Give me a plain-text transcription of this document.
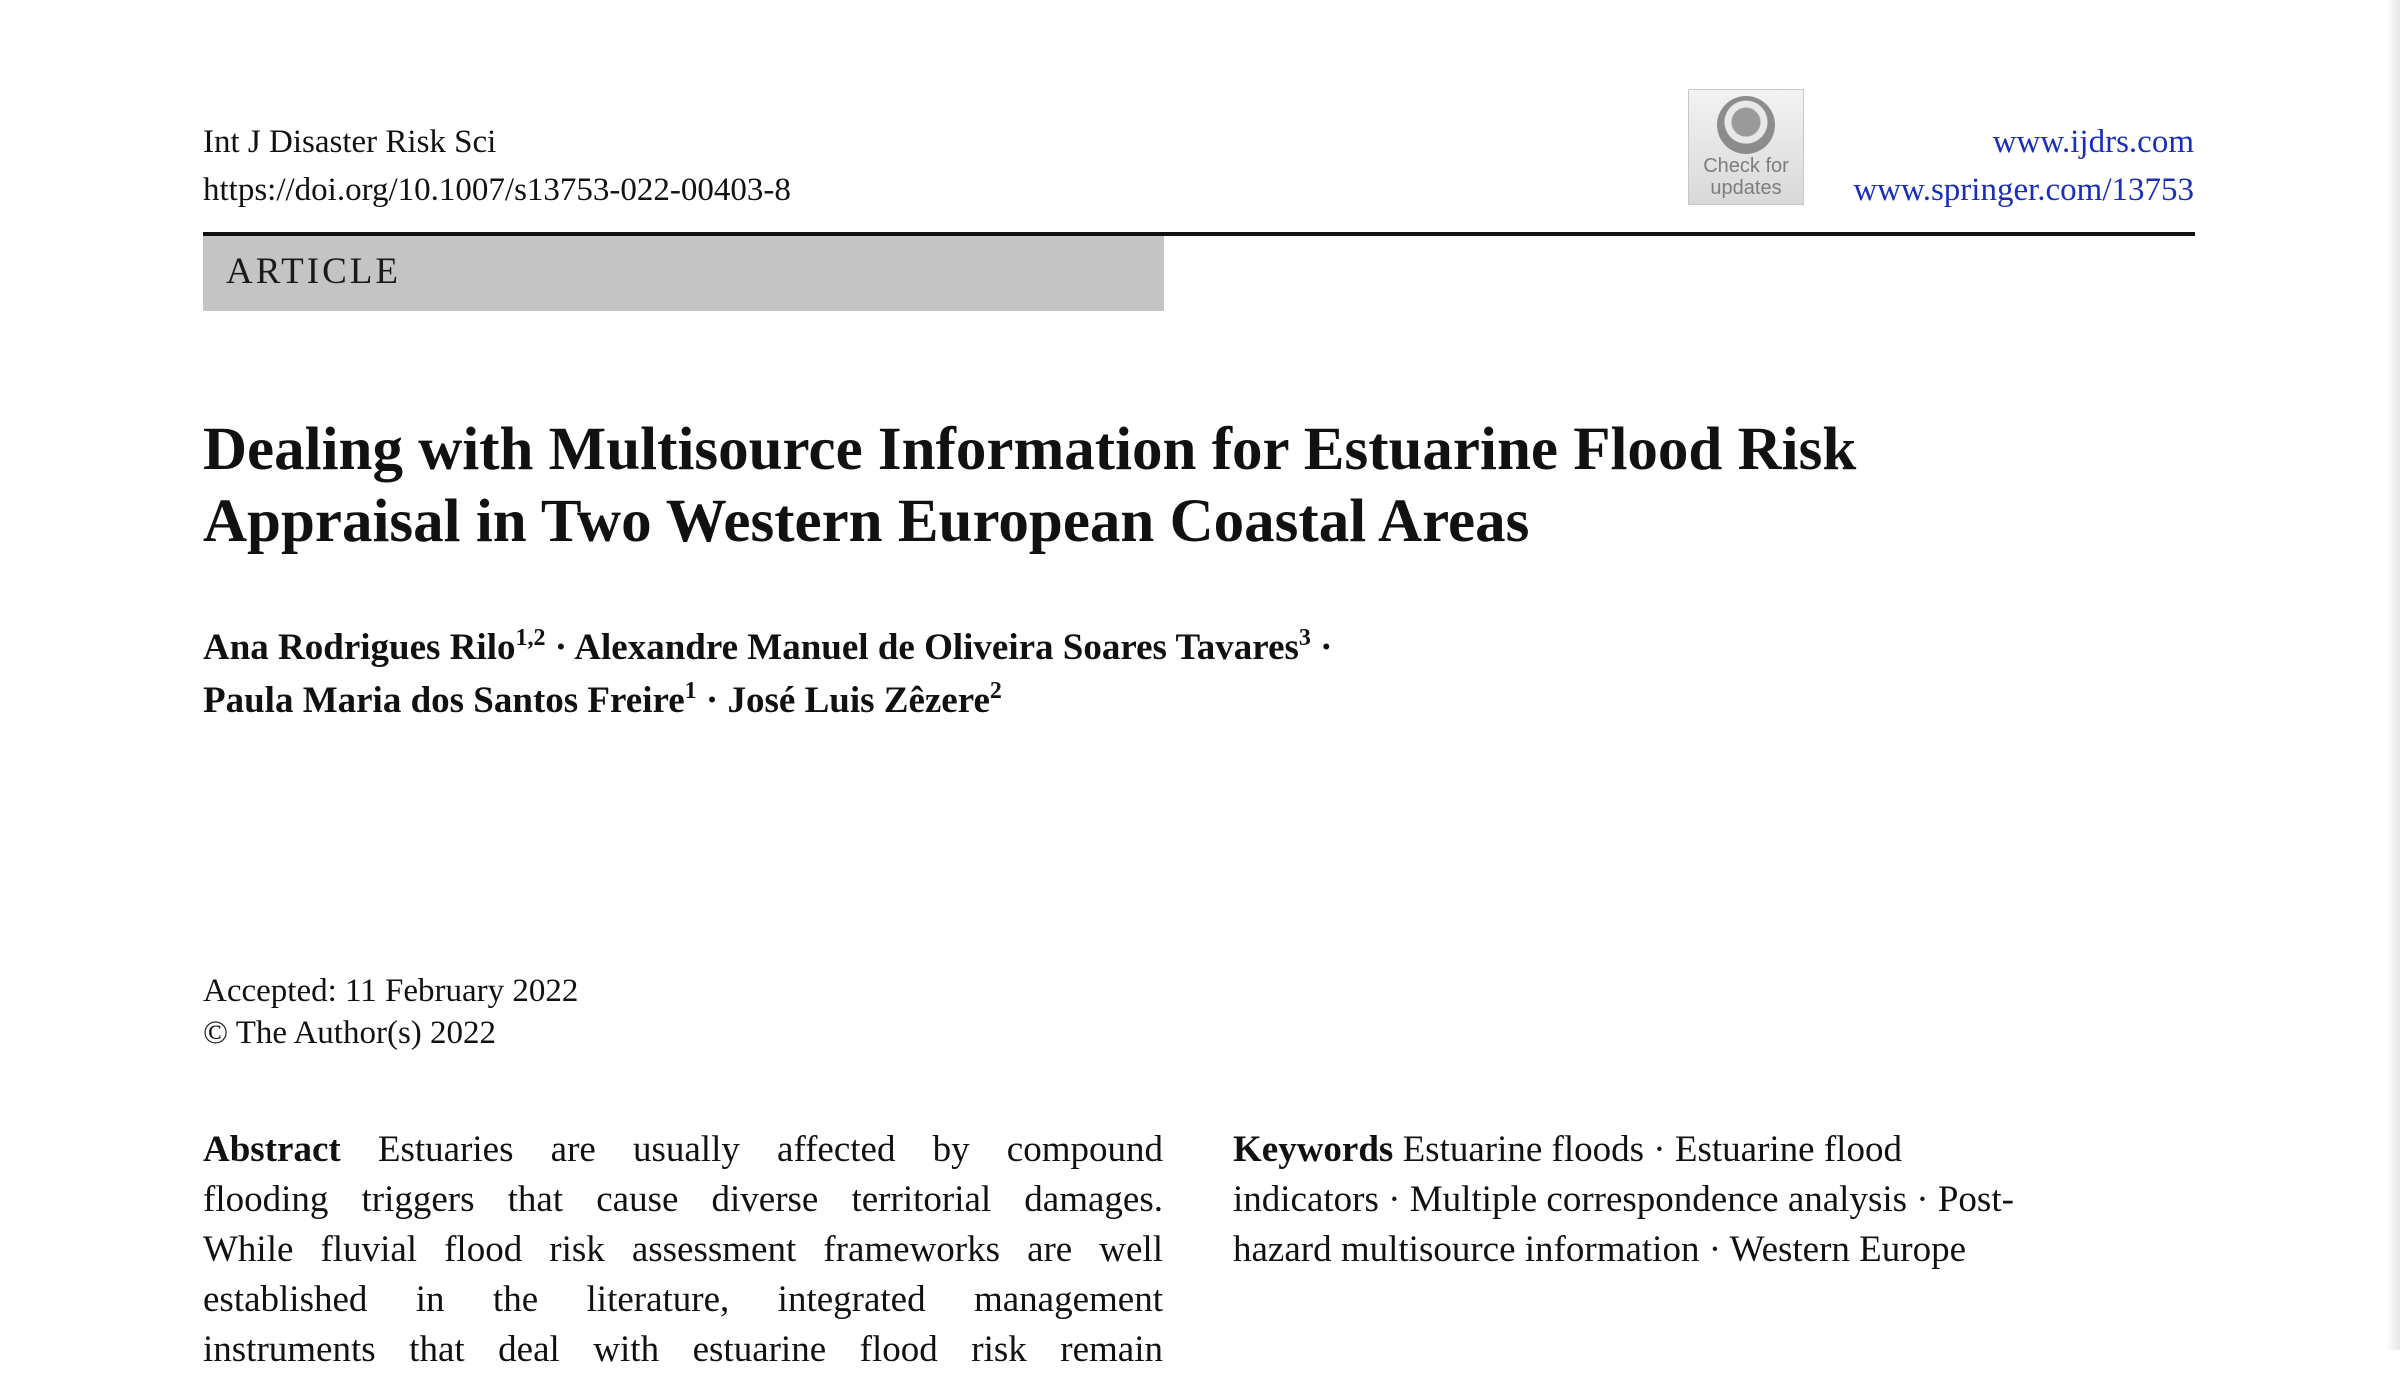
Int J Disaster Risk Sci
https://doi.org/10.1007/s13753-022-00403-8
Check for
updates
www.ijdrs.com
www.springer.com/13753
ARTICLE
Dealing with Multisource Information for Estuarine Flood Risk
Appraisal in Two Western European Coastal Areas
Ana Rodrigues Rilo$^{1,2}$ · Alexandre Manuel de Oliveira Soares Tavares$^3$ ·
Paula Maria dos Santos Freire$^1$ · José Luis Zêzere$^2$
Accepted: 11 February 2022
© The Author(s) 2022
Abstract Estuaries are usually affected by compound
flooding triggers that cause diverse territorial damages.
While fluvial flood risk assessment frameworks are well
established in the literature, integrated management
instruments that deal with estuarine flood risk remain
Keywords Estuarine floods · Estuarine flood
indicators · Multiple correspondence analysis · Post-
hazard multisource information · Western Europe
